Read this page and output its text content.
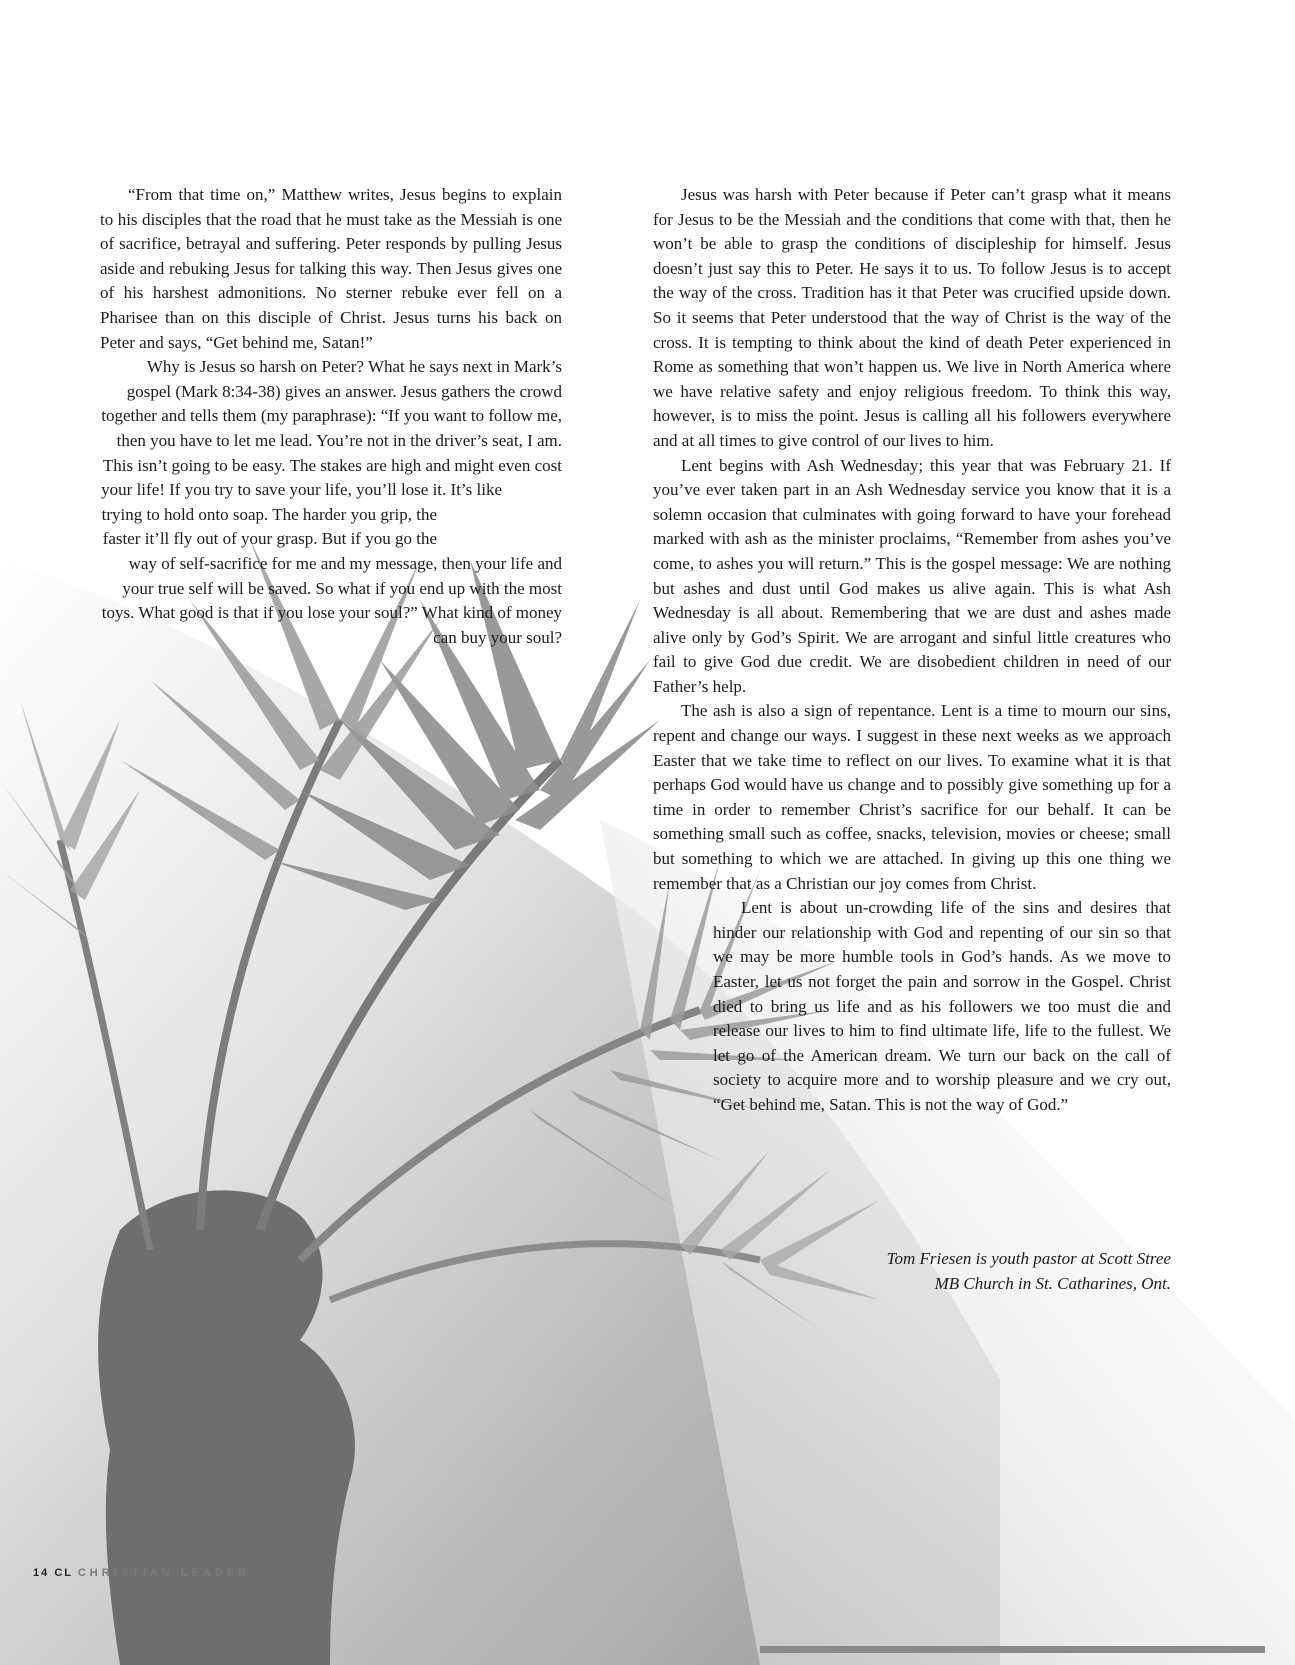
“From that time on,” Matthew writes, Jesus begins to explain to his disciples that the road that he must take as the Messiah is one of sacrifice, betrayal and suffering. Peter responds by pulling Jesus aside and rebuking Jesus for talking this way. Then Jesus gives one of his harshest admonitions. No sterner rebuke ever fell on a Pharisee than on this disciple of Christ. Jesus turns his back on Peter and says, “Get behind me, Satan!”

Why is Jesus so harsh on Peter? What he says next in Mark’s gospel (Mark 8:34-38) gives an answer. Jesus gathers the crowd together and tells them (my paraphrase): “If you want to follow me, then you have to let me lead. You’re not in the driver’s seat, I am. This isn’t going to be easy. The stakes are high and might even cost your life! If you try to save your life, you’ll lose it. It’s like trying to hold onto soap. The harder you grip, the faster it’ll fly out of your grasp. But if you go the way of self-sacrifice for me and my message, then your life and your true self will be saved. So what if you end up with the most toys. What good is that if you lose your soul?” What kind of money can buy your soul?

Jesus was harsh with Peter because if Peter can’t grasp what it means for Jesus to be the Messiah and the conditions that come with that, then he won’t be able to grasp the conditions of discipleship for himself. Jesus doesn’t just say this to Peter. He says it to us. To follow Jesus is to accept the way of the cross. Tradition has it that Peter was crucified upside down. So it seems that Peter understood that the way of Christ is the way of the cross. It is tempting to think about the kind of death Peter experienced in Rome as something that won’t happen us. We live in North America where we have relative safety and enjoy religious freedom. To think this way, however, is to miss the point. Jesus is calling all his followers everywhere and at all times to give control of our lives to him.

Lent begins with Ash Wednesday; this year that was February 21. If you’ve ever taken part in an Ash Wednesday service you know that it is a solemn occasion that culminates with going forward to have your forehead marked with ash as the minister proclaims, “Remember from ashes you’ve come, to ashes you will return.” This is the gospel message: We are nothing but ashes and dust until God makes us alive again. This is what Ash Wednesday is all about. Remembering that we are dust and ashes made alive only by God’s Spirit. We are arrogant and sinful little creatures who fail to give God due credit. We are disobedient children in need of our Father’s help.

The ash is also a sign of repentance. Lent is a time to mourn our sins, repent and change our ways. I suggest in these next weeks as we approach Easter that we take time to reflect on our lives. To examine what it is that perhaps God would have us change and to possibly give something up for a time in order to remember Christ’s sacrifice for our behalf. It can be something small such as coffee, snacks, television, movies or cheese; small but something to which we are attached. In giving up this one thing we remember that as a Christian our joy comes from Christ.

Lent is about un-crowding life of the sins and desires that hinder our relationship with God and repenting of our sin so that we may be more humble tools in God’s hands. As we move to Easter, let us not forget the pain and sorrow in the Gospel. Christ died to bring us life and as his followers we too must die and release our lives to him to find ultimate life, life to the fullest. We let go of the American dream. We turn our back on the call of society to acquire more and to worship pleasure and we cry out, “Get behind me, Satan. This is not the way of God.”

Tom Friesen is youth pastor at Scott Stree
MB Church in St. Catharines, Ont.
14 CL CHRISTIAN LEADER
